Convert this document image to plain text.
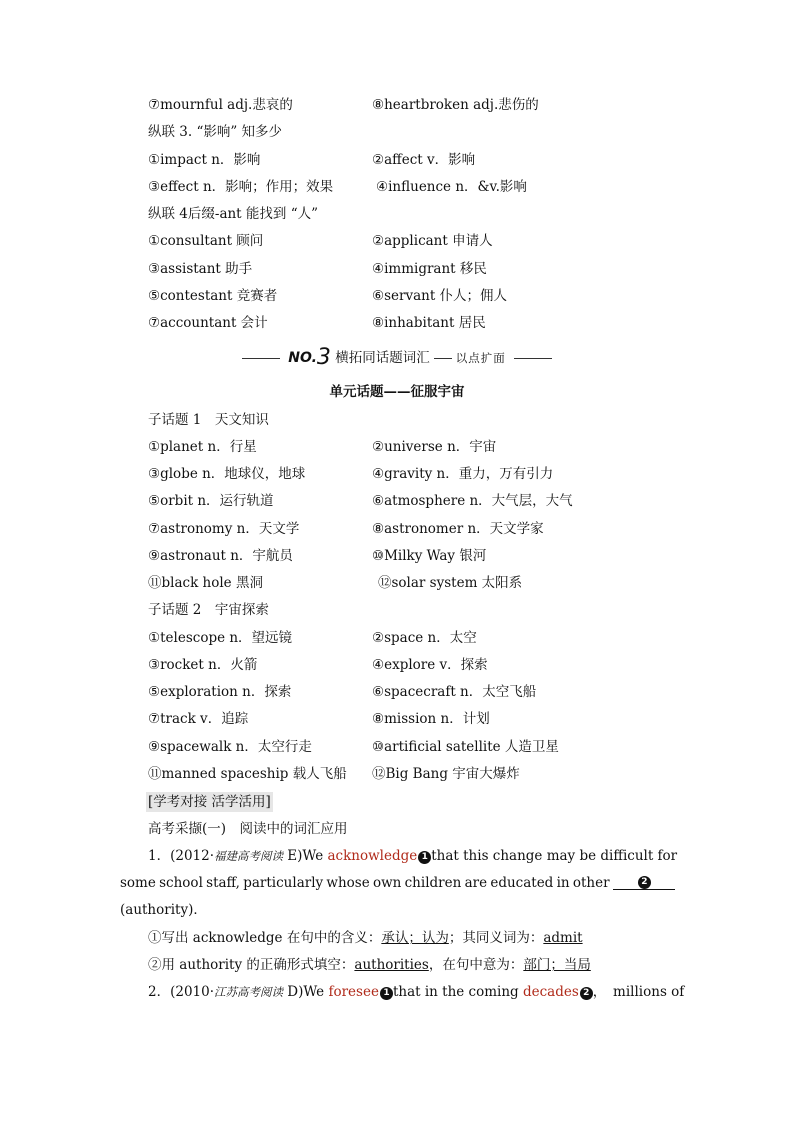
⑦mournful adj.悲哀的	⑧heartbroken adj.悲伤的
纵联 3. “影响” 知多少
①impact n．影响	②affect v．影响
③effect n．影响；作用；效果	④influence n．&v.影响
纵联 4后缀-ant 能找到 “人”
①consultant 顾问	②applicant 申请人
③assistant 助手	④immigrant 移民
⑤contestant 竞赛者	⑥servant 仆人；佣人
⑦accountant 会计	⑧inhabitant 居民
NO.3 横拓同话题词汇 以点扩面
单元话题——征服宇宙
子话题 1　天文知识
①planet n．行星	②universe n．宇宙
③globe n．地球仪，地球	④gravity n．重力，万有引力
⑤orbit n．运行轨道	⑥atmosphere n．大气层，大气
⑦astronomy n．天文学	⑧astronomer n．天文学家
⑨astronaut n．宇航员	⑩Milky Way 银河
⑪black hole 黑洞	⑫solar system 太阳系
子话题 2　宇宙探索
①telescope n．望远镜	②space n．太空
③rocket n．火箭	④explore v．探索
⑤exploration n．探索	⑥spacecraft n．太空飞船
⑦track v．追踪	⑧mission n．计划
⑨spacewalk n．太空行走	⑩artificial satellite 人造卫星
⑪manned spaceship 载人飞船 ⑫Big Bang 宇宙大爆炸
[学考对接 活学活用]
高考采撷(一)　阅读中的词汇应用
1．(2012·福建高考阅读 E)We acknowledge 1 that this change may be difficult for
some school staff, particularly whose own children are educated in other	2
(authority)．
①写出 acknowledge 在句中的含义：承认；认为；其同义词为：admit
②用 authority 的正确形式填空：authorities，在句中意为：部门；当局
2．(2010·江苏高考阅读 D)We foresee 1 that in the coming decades 2 ，　millions of
